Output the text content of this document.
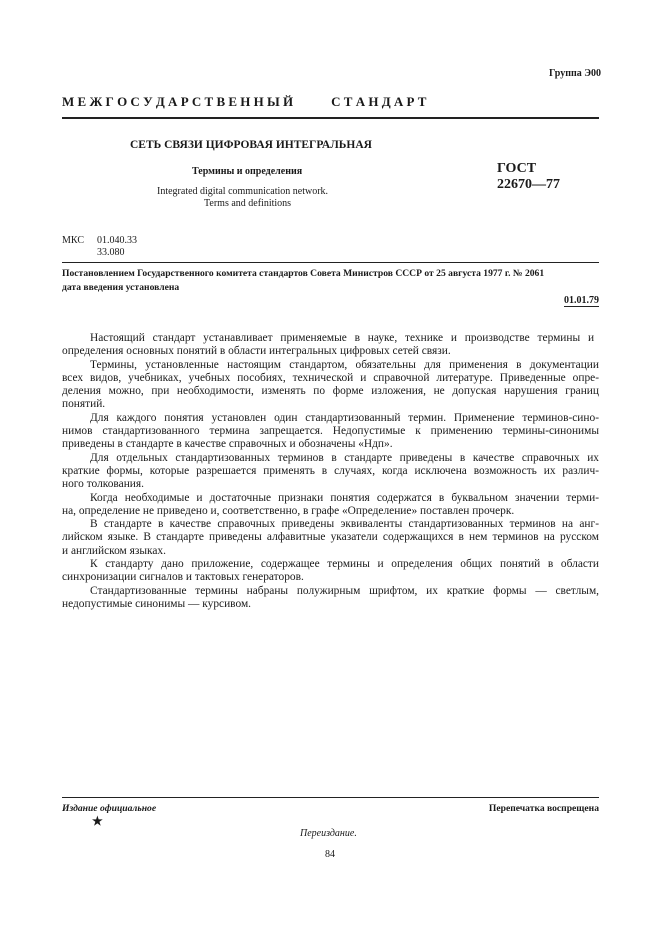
Группа Э00
М Е Ж Г О С У Д А Р С Т В Е Н Н Ы Й	С Т А Н Д А Р Т
СЕТЬ СВЯЗИ ЦИФРОВАЯ ИНТЕГРАЛЬНАЯ
Термины и определения
Integrated digital communication network.
Terms and definitions
ГОСТ
22670—77
МКС 01.040.33
33.080
Постановлением Государственного комитета стандартов Совета Министров СССР от 25 августа 1977 г. № 2061
дата введения установлена
01.01.79
Настоящий стандарт устанавливает применяемые в науке, технике и производстве термины и
определения основных понятий в области интегральных цифровых сетей связи.
Термины, установленные настоящим стандартом, обязательны для применения в документации
всех видов, учебниках, учебных пособиях, технической и справочной литературе. Приведенные опре-
деления можно, при необходимости, изменять по форме изложения, не допуская нарушения границ
понятий.
Для каждого понятия установлен один стандартизованный термин. Применение терминов-сино-
нимов стандартизованного термина запрещается. Недопустимые к применению термины-синонимы
приведены в стандарте в качестве справочных и обозначены «Ндп».
Для отдельных стандартизованных терминов в стандарте приведены в качестве справочных их
краткие формы, которые разрешается применять в случаях, когда исключена возможность их различ-
ного толкования.
Когда необходимые и достаточные признаки понятия содержатся в буквальном значении терми-
на, определение не приведено и, соответственно, в графе «Определение» поставлен прочерк.
В стандарте в качестве справочных приведены эквиваленты стандартизованных терминов на анг-
лийском языке. В стандарте приведены алфавитные указатели содержащихся в нем терминов на русском
и английском языках.
К стандарту дано приложение, содержащее термины и определения общих понятий в области
синхронизации сигналов и тактовых генераторов.
Стандартизованные термины набраны полужирным шрифтом, их краткие формы — светлым,
недопустимые синонимы — курсивом.
Издание официальное	Перепечатка воспрещена
★
Переиздание.
84
